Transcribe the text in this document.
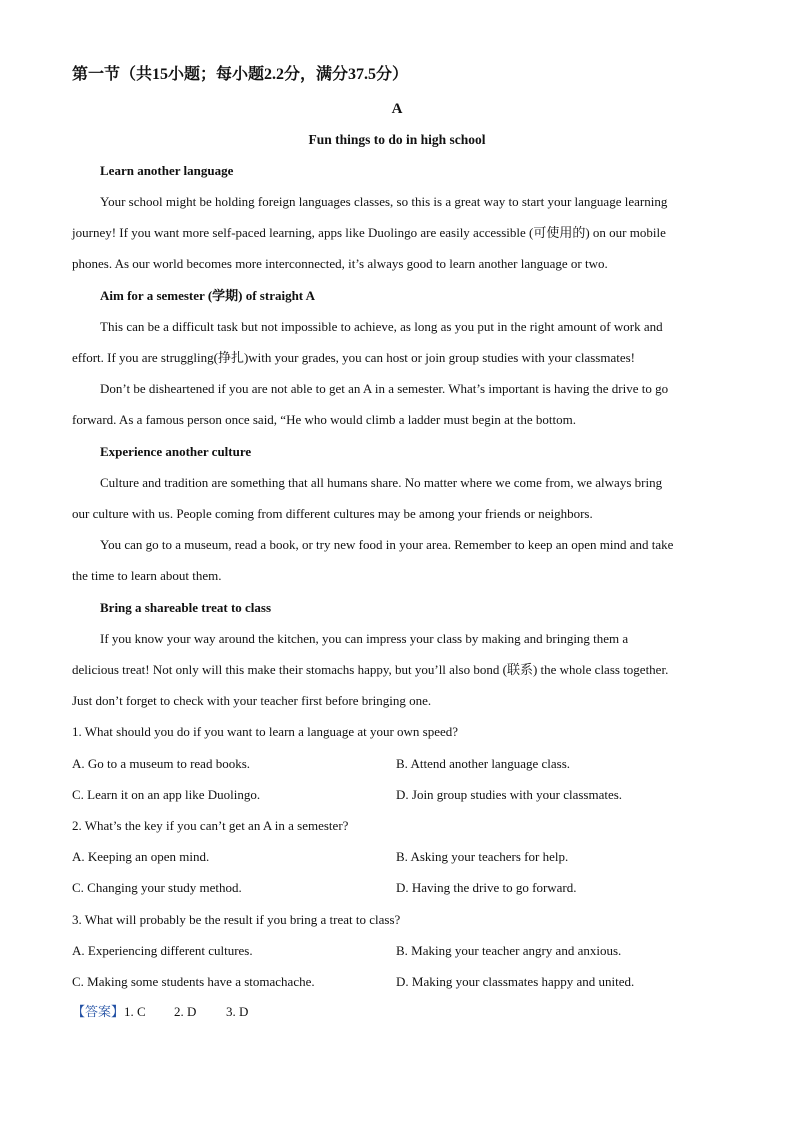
第一节（共15小题；每小题2.2分，满分37.5分）
A
Fun things to do in high school
Learn another language
Your school might be holding foreign languages classes, so this is a great way to start your language learning
journey! If you want more self-paced learning, apps like Duolingo are easily accessible (可使用的) on our mobile
phones. As our world becomes more interconnected, it’s always good to learn another language or two.
Aim for a semester (学期) of straight A
This can be a difficult task but not impossible to achieve, as long as you put in the right amount of work and
effort. If you are struggling(挣扎)with your grades, you can host or join group studies with your classmates!
Don’t be disheartened if you are not able to get an A in a semester. What’s important is having the drive to go
forward. As a famous person once said, “He who would climb a ladder must begin at the bottom.
Experience another culture
Culture and tradition are something that all humans share. No matter where we come from, we always bring
our culture with us. People coming from different cultures may be among your friends or neighbors.
You can go to a museum, read a book, or try new food in your area. Remember to keep an open mind and take
the time to learn about them.
Bring a shareable treat to class
If you know your way around the kitchen, you can impress your class by making and bringing them a
delicious treat! Not only will this make their stomachs happy, but you’ll also bond (联系) the whole class together.
Just don’t forget to check with your teacher first before bringing one.
1. What should you do if you want to learn a language at your own speed?
A. Go to a museum to read books.	B. Attend another language class.
C. Learn it on an app like Duolingo.	D. Join group studies with your classmates.
2. What’s the key if you can’t get an A in a semester?
A. Keeping an open mind.	B. Asking your teachers for help.
C. Changing your study method.	D. Having the drive to go forward.
3. What will probably be the result if you bring a treat to class?
A. Experiencing different cultures.	B. Making your teacher angry and anxious.
C. Making some students have a stomachache.	D. Making your classmates happy and united.
【答案】1. C 2. D 3. D
